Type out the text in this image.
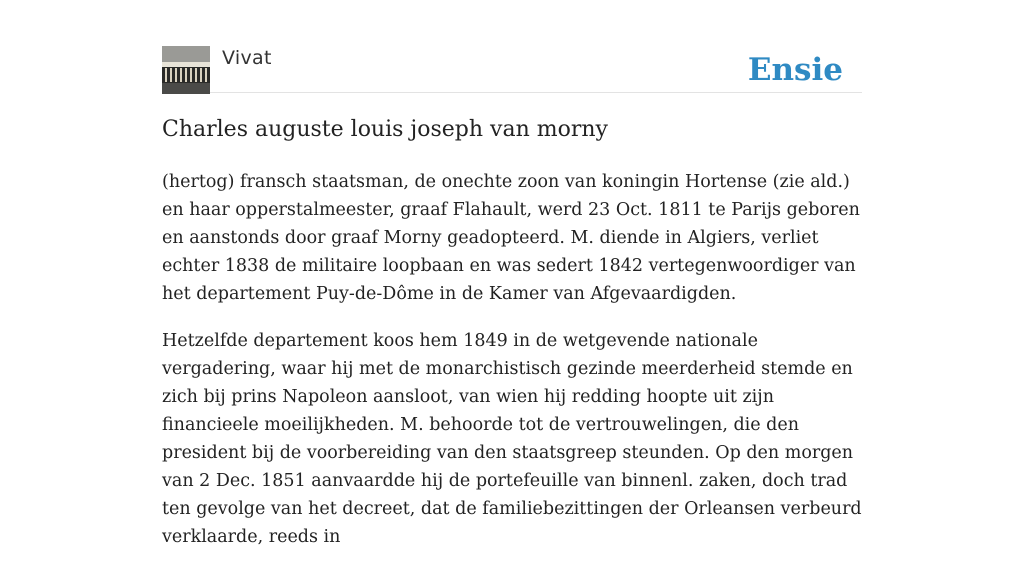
Vivat	Ensie
Charles auguste louis joseph van morny

(hertog) fransch staatsman, de onechte zoon van koningin Hortense (zie ald.) en haar opperstalmeester, graaf Flahault, werd 23 Oct. 1811 te Parijs geboren en aanstonds door graaf Morny geadopteerd. M. diende in Algiers, verliet echter 1838 de militaire loopbaan en was sedert 1842 vertegenwoordiger van het departement Puy-de-Dôme in de Kamer van Afgevaardigden.

Hetzelfde departement koos hem 1849 in de wetgevende nationale vergadering, waar hij met de monarchistisch gezinde meerderheid stemde en zich bij prins Napoleon aansloot, van wien hij redding hoopte uit zijn financieele moeilijkheden. M. behoorde tot de vertrouwelingen, die den president bij de voorbereiding van den staatsgreep steunden. Op den morgen van 2 Dec. 1851 aanvaardde hij de portefeuille van binnenl. zaken, doch trad ten gevolge van het decreet, dat de familiebezittingen der Orleansen verbeurd verklaarde, reeds in
